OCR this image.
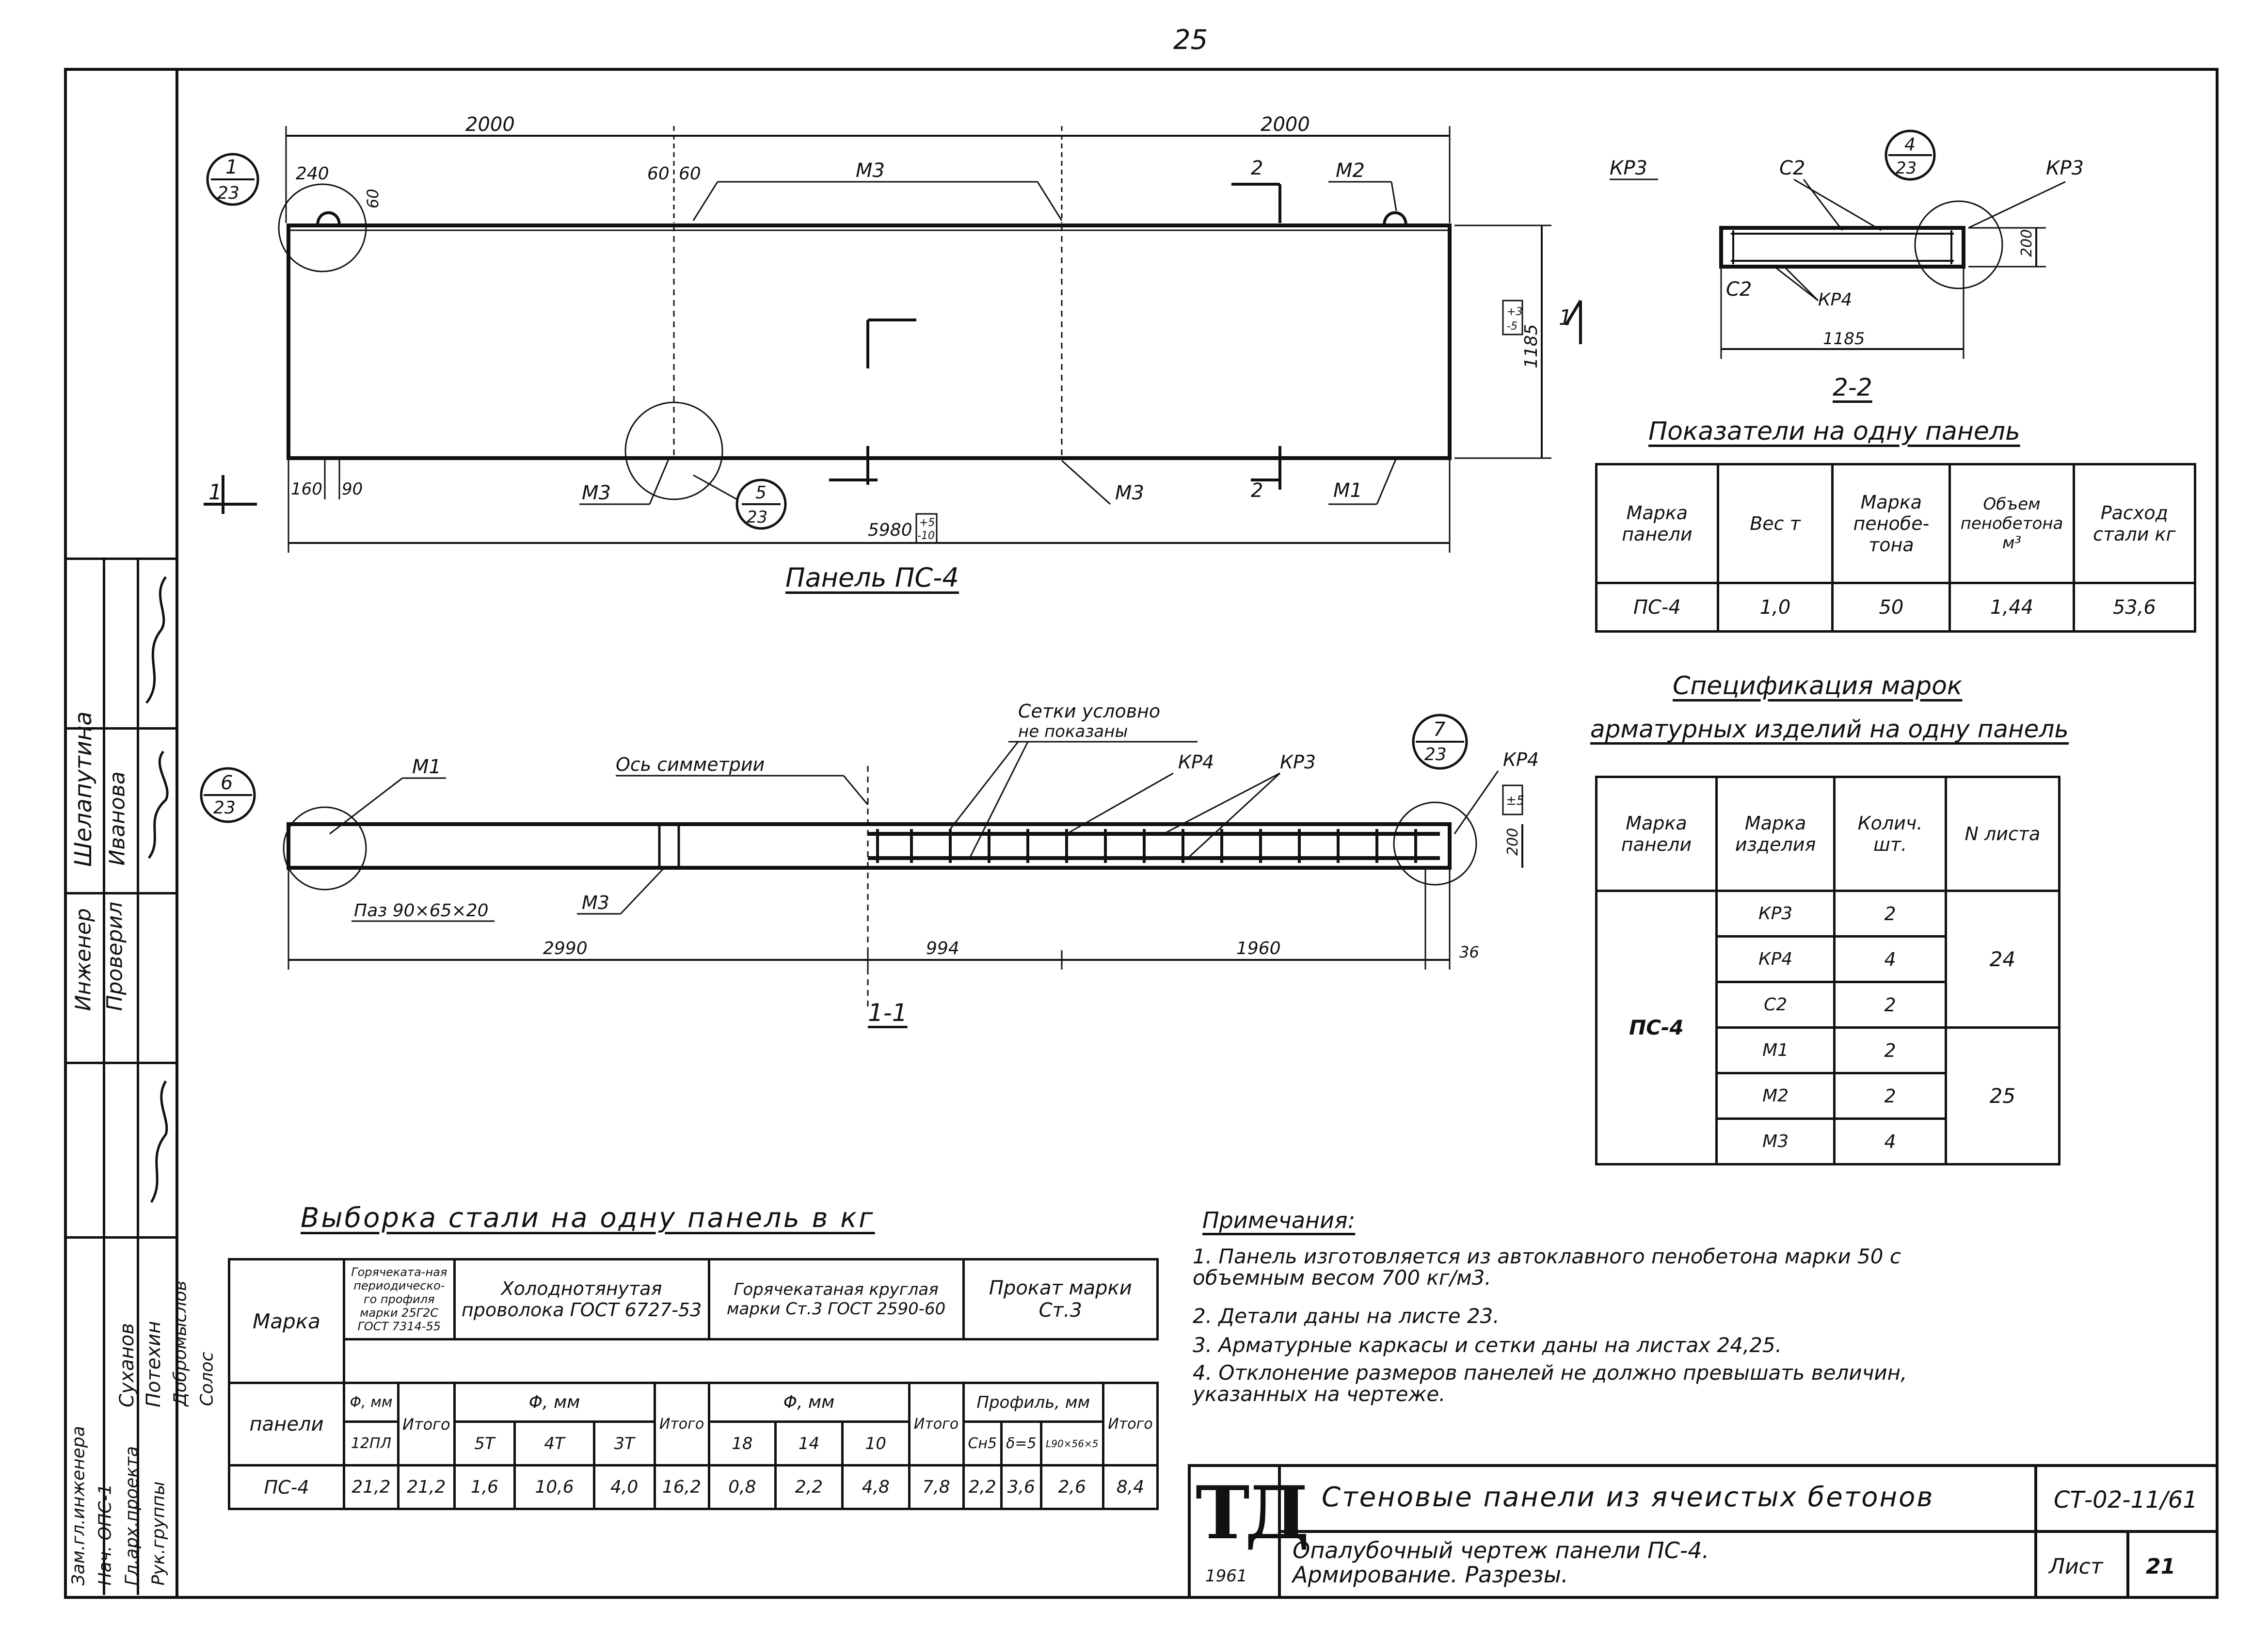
25
Инженер Проверил
Шелапутина Иванова
Зам.гл.инженера Нач. ОПС-1 Гл.арх.проекта Рук.группы
Суханов Потехин Добромыслов Солос
2000	2000
240	60 60
60
1
23
М3	2	М2
1185
+3
-5 1
5980 +5
-10
160 90	М3	5
23
М3	2	М1
1
Панель ПС-4
КР3	С2	КР3
4
23
С2	КР4
200
1185
2-2
Показатели на одну панель
Марка панели	Вес т	Марка пенобе-тона	Объем пенобетона м³	Расход стали кг
ПС-4	1,0	50	1,44	53,6
6
23
7
23
М1	Ось симметрии
Сетки условно
не показаны
КР4	КР3	КР4
±5
200
М3
Паз 90×65×20
2990	994	1960	36
1-1
Спецификация марок
арматурных изделий на одну панель
Марка панели	Марка изделия	Колич. шт.	N листа
ПС-4	КР3	2	24
	КР4	4	
	С2	2	
	М1	2	25
	М2	2	
	М3	4	
Выборка стали на одну панель в кг
Марка	Горячеката-ная периодическо-го профиля марки 25Г2С ГОСТ 7314-55		Холоднотянутая проволока ГОСТ 6727-53				Горячекатаная круглая марки Ст.3 ГОСТ 2590-60				Прокат марки Ст.3			

панели	Φ, мм	Итого	Φ, мм			Итого	Φ, мм			Итого	Профиль, мм			Итого
	12ПЛ		5Т	4Т	3Т		18	14	10		Сн5	δ=5	L90×56×5	
ПС-4	21,2	21,2	1,6	10,6	4,0	16,2	0,8	2,2	4,8	7,8	2,2	3,6	2,6	8,4
Примечания:
1. Панель изготовляется из автоклавного пенобетона марки 50 с объемным весом 700 кг/м3.
2. Детали даны на листе 23.
3. Арматурные каркасы и сетки даны на листах 24,25.
4. Отклонение размеров панелей не должно превышать величин, указанных на чертеже.
ТД
1961
Стеновые панели из ячеистых бетонов	СТ-02-11/61
Опалубочный чертеж панели ПС-4.
Армирование. Разрезы.	Лист 21
